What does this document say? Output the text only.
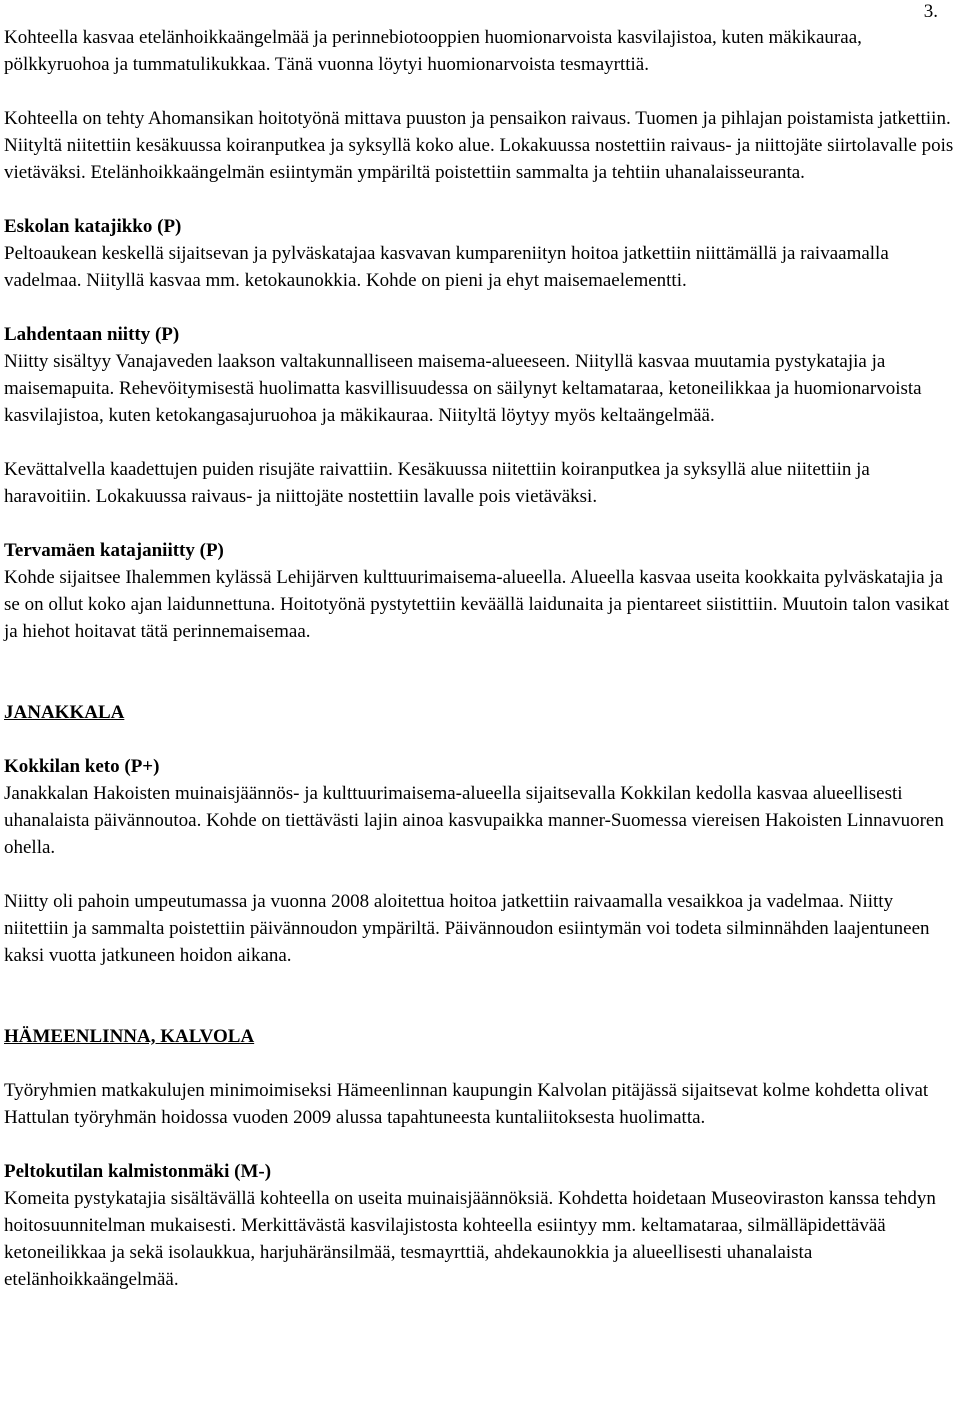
3.

Kohteella kasvaa etelänhoikkaängelmää ja perinnebiotooppien huomionarvoista kasvilajistoa, kuten mäkikauraa, pölkkyruohoa ja tummatulikukkaa. Tänä vuonna löytyi huomionarvoista tesmayrttiä.

Kohteella on tehty Ahomansikan hoitotyönä mittava puuston ja pensaikon raivaus. Tuomen ja pihlajan poistamista jatkettiin. Niityltä niitettiin kesäkuussa koiranputkea ja syksyllä koko alue. Lokakuussa nostettiin raivaus- ja niittojäte siirtolavalle pois vietäväksi. Etelänhoikkaängelmän esiintymän ympäriltä poistettiin sammalta ja tehtiin uhanalaisseuranta.

Eskolan katajikko (P)

Peltoaukean keskellä sijaitsevan ja pylväskatajaa kasvavan kumpareniityn hoitoa jatkettiin niittämällä ja raivaamalla vadelmaa. Niityllä kasvaa mm. ketokaunokkia. Kohde on pieni ja ehyt maisemaelementti.

Lahdentaan niitty (P)

Niitty sisältyy Vanajaveden laakson valtakunnalliseen maisema-alueeseen. Niityllä kasvaa muutamia pystykatajia ja maisemapuita. Rehevöitymisestä huolimatta kasvillisuudessa on säilynyt keltamataraa, ketoneilikkaa ja huomionarvoista kasvilajistoa, kuten ketokangasajuruohoa ja mäkikauraa. Niityltä löytyy myös keltaängelmää.

Kevättalvella kaadettujen puiden risujäte raivattiin. Kesäkuussa niitettiin koiranputkea ja syksyllä alue niitettiin ja haravoitiin. Lokakuussa raivaus- ja niittojäte nostettiin lavalle pois vietäväksi.

Tervamäen katajaniitty (P)

Kohde sijaitsee Ihalemmen kylässä Lehijärven kulttuurimaisema-alueella. Alueella kasvaa useita kookkaita pylväskatajia ja se on ollut koko ajan laidunnettuna. Hoitotyönä pystytettiin keväällä laidunaita ja pientareet siistittiin. Muutoin talon vasikat ja hiehot hoitavat tätä perinnemaisemaa.

JANAKKALA
Kokkilan keto (P+)

Janakkalan Hakoisten muinaisjäännös- ja kulttuurimaisema-alueella sijaitsevalla Kokkilan kedolla kasvaa alueellisesti uhanalaista päivännoutoa. Kohde on tiettävästi lajin ainoa kasvupaikka manner-Suomessa viereisen Hakoisten Linnavuoren ohella.

Niitty oli pahoin umpeutumassa ja vuonna 2008 aloitettua hoitoa jatkettiin raivaamalla vesaikkoa ja vadelmaa. Niitty niitettiin ja sammalta poistettiin päivännoudon ympäriltä. Päivännoudon esiintymän voi todeta silminnähden laajentuneen kaksi vuotta jatkuneen hoidon aikana.

HÄMEENLINNA, KALVOLA

Työryhmien matkakulujen minimoimiseksi Hämeenlinnan kaupungin Kalvolan pitäjässä sijaitsevat kolme kohdetta olivat Hattulan työryhmän hoidossa vuoden 2009 alussa tapahtuneesta kuntaliitoksesta huolimatta.

Peltokutilan kalmistonmäki (M-)

Komeita pystykatajia sisältävällä kohteella on useita muinaisjäännöksiä. Kohdetta hoidetaan Museoviraston kanssa tehdyn hoitosuunnitelman mukaisesti. Merkittävästä kasvilajistosta kohteella esiintyy mm. keltamataraa, silmälläpidettävää ketoneilikkaa ja sekä isolaukkua, harjuhäränsilmää, tesmayrttiä, ahdekaunokkia ja alueellisesti uhanalaista etelänhoikkaängelmää.
